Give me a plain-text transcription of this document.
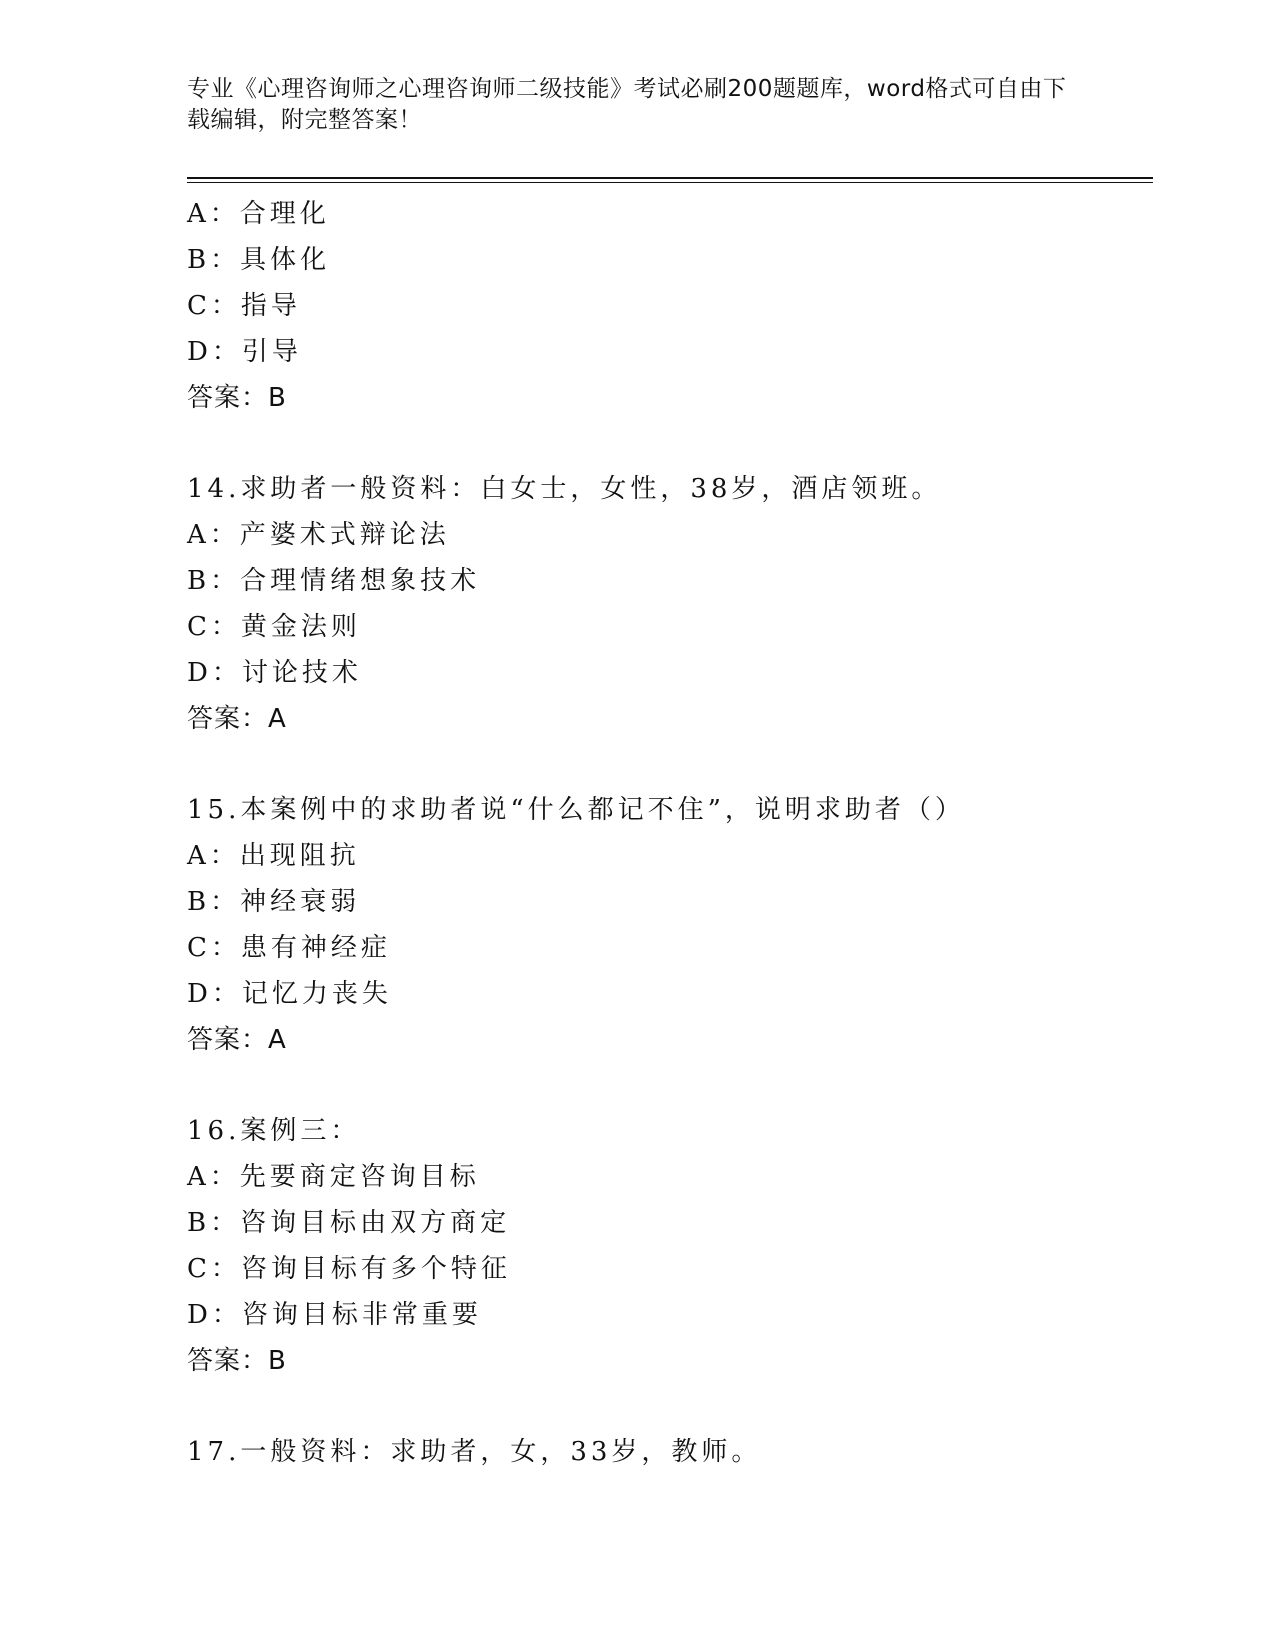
专业《心理咨询师之心理咨询师二级技能》考试必刷200题题库，word格式可自由下载编辑，附完整答案！

A：合理化
B：具体化
C：指导
D：引导
答案：B
14.求助者一般资料：白女士，女性，38岁，酒店领班。
A：产婆术式辩论法
B：合理情绪想象技术
C：黄金法则
D：讨论技术
答案：A
15.本案例中的求助者说“什么都记不住”，说明求助者（）
A：出现阻抗
B：神经衰弱
C：患有神经症
D：记忆力丧失
答案：A
16.案例三：
A：先要商定咨询目标
B：咨询目标由双方商定
C：咨询目标有多个特征
D：咨询目标非常重要
答案：B
17.一般资料：求助者，女，33岁，教师。
